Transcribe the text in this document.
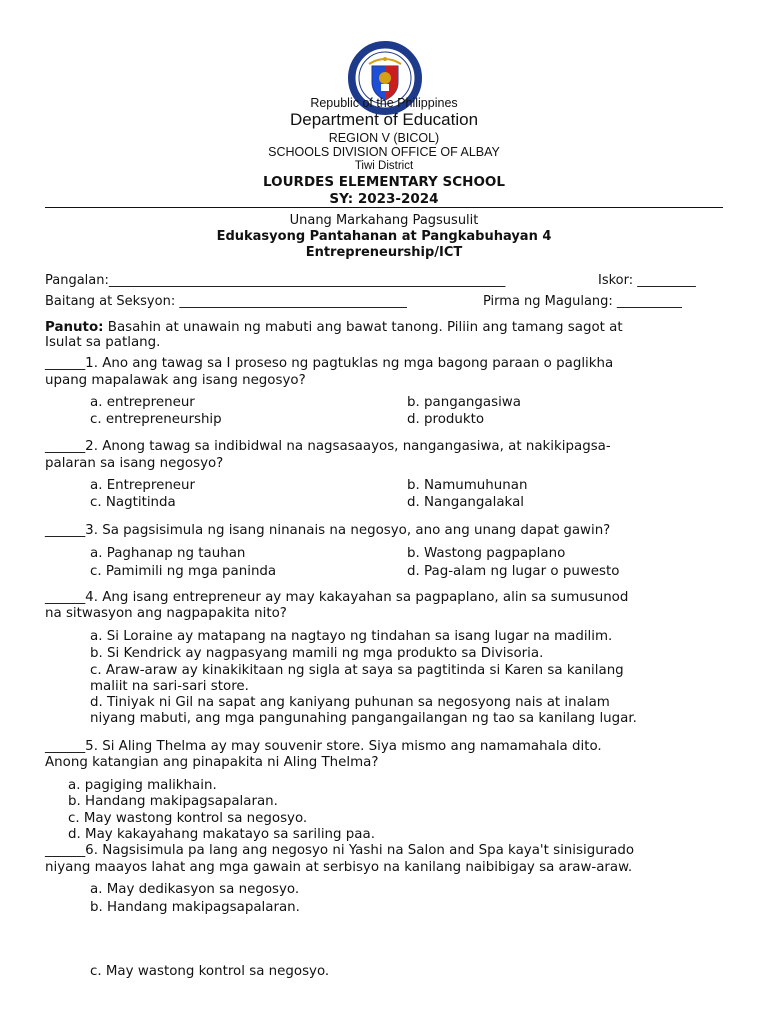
Republic of the Philippines
Department of Education
REGION V (BICOL)
SCHOOLS DIVISION OFFICE OF ALBAY
Tiwi District
LOURDES ELEMENTARY SCHOOL
SY: 2023-2024
Unang Markahang Pagsusulit
Edukasyong Pantahanan at Pangkabuhayan 4
Entrepreneurship/ICT
Pangalan:_____________________________________________________________	Iskor: _________
Baitang at Seksyon: ___________________________________	Pirma ng Magulang: __________
Panuto: Basahin at unawain ng mabuti ang bawat tanong. Piliin ang tamang sagot at
Isulat sa patlang.
______1. Ano ang tawag sa I proseso ng pagtuklas ng mga bagong paraan o paglikha
upang mapalawak ang isang negosyo?
a. entrepreneur	b. pangangasiwa
c. entrepreneurship	d. produkto
______2. Anong tawag sa indibidwal na nagsasaayos, nangangasiwa, at nakikipagsa-
palaran sa isang negosyo?
a. Entrepreneur	b. Namumuhunan
c. Nagtitinda	d. Nangangalakal
______3. Sa pagsisimula ng isang ninanais na negosyo, ano ang unang dapat gawin?
a. Paghanap ng tauhan	b. Wastong pagpaplano
c. Pamimili ng mga paninda	d. Pag-alam ng lugar o puwesto
______4. Ang isang entrepreneur ay may kakayahan sa pagpaplano, alin sa sumusunod
na sitwasyon ang nagpapakita nito?
a. Si Loraine ay matapang na nagtayo ng tindahan sa isang lugar na madilim.
b. Si Kendrick ay nagpasyang mamili ng mga produkto sa Divisoria.
c. Araw-araw ay kinakikitaan ng sigla at saya sa pagtitinda si Karen sa kanilang
maliit na sari-sari store.
d. Tiniyak ni Gil na sapat ang kaniyang puhunan sa negosyong nais at inalam
niyang mabuti, ang mga pangunahing pangangailangan ng tao sa kanilang lugar.
______5. Si Aling Thelma ay may souvenir store. Siya mismo ang namamahala dito.
Anong katangian ang pinapakita ni Aling Thelma?
a. pagiging malikhain.
b. Handang makipagsapalaran.
c. May wastong kontrol sa negosyo.
d. May kakayahang makatayo sa sariling paa.
______6. Nagsisimula pa lang ang negosyo ni Yashi na Salon and Spa kaya't sinisigurado
niyang maayos lahat ang mga gawain at serbisyo na kanilang naibibigay sa araw-araw.
a. May dedikasyon sa negosyo.
b. Handang makipagsapalaran.
c. May wastong kontrol sa negosyo.
